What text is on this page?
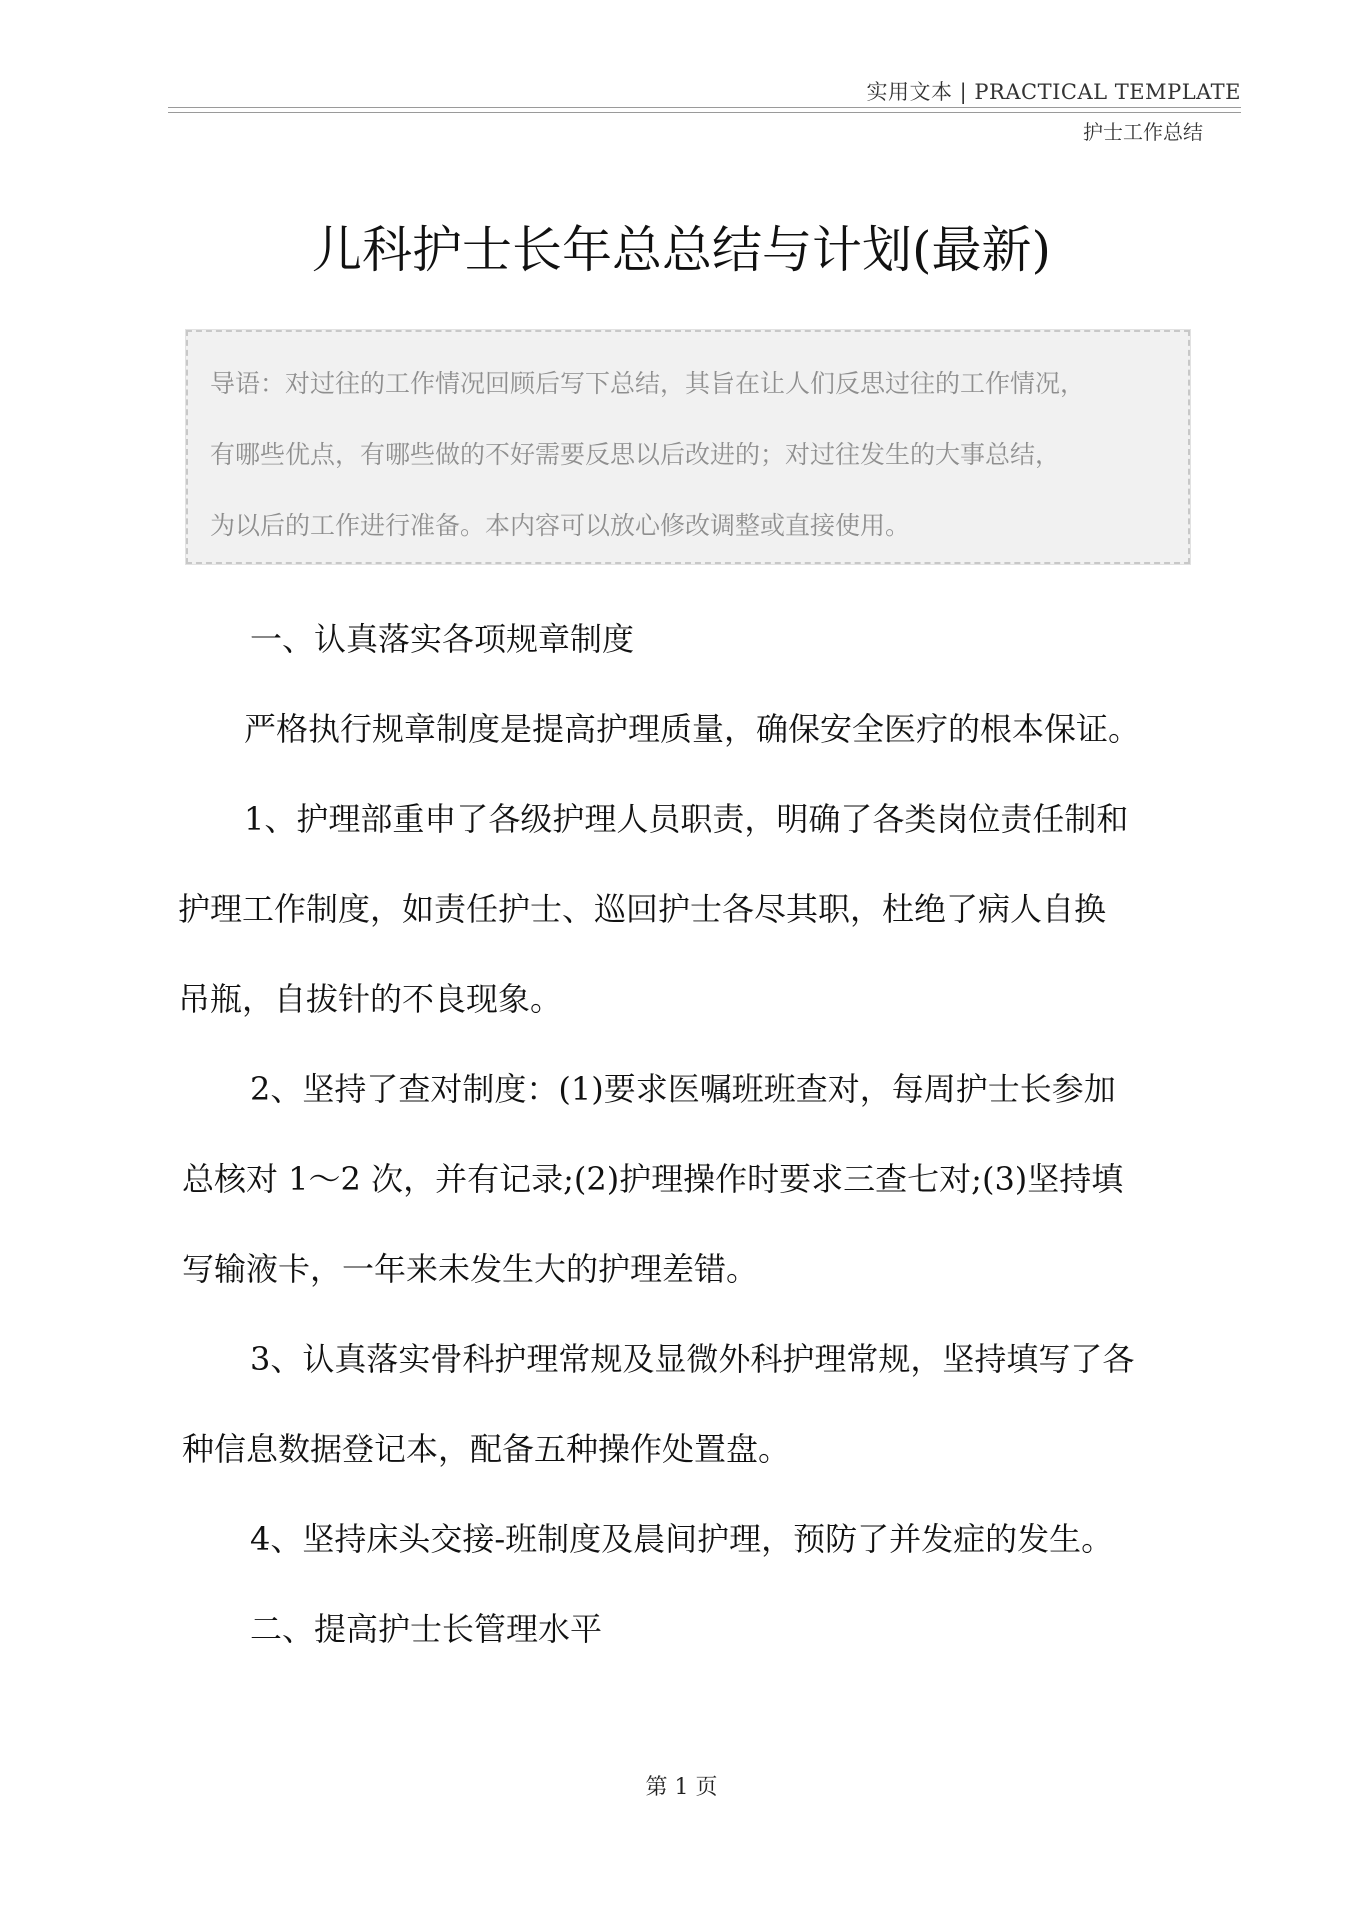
实用文本 | PRACTICAL TEMPLATE
护士工作总结
儿科护士长年总总结与计划(最新)
导语：对过往的工作情况回顾后写下总结，其旨在让人们反思过往的工作情况，
有哪些优点，有哪些做的不好需要反思以后改进的；对过往发生的大事总结，
为以后的工作进行准备。本内容可以放心修改调整或直接使用。
一、认真落实各项规章制度
严格执行规章制度是提高护理质量，确保安全医疗的根本保证。
1、护理部重申了各级护理人员职责，明确了各类岗位责任制和
护理工作制度，如责任护士、巡回护士各尽其职，杜绝了病人自换
吊瓶，自拔针的不良现象。
2、坚持了查对制度：(1)要求医嘱班班查对，每周护士长参加
总核对 1～2 次，并有记录;(2)护理操作时要求三查七对;(3)坚持填
写输液卡，一年来未发生大的护理差错。
3、认真落实骨科护理常规及显微外科护理常规，坚持填写了各
种信息数据登记本，配备五种操作处置盘。
4、坚持床头交接-班制度及晨间护理，预防了并发症的发生。
二、提高护士长管理水平
第 1 页
